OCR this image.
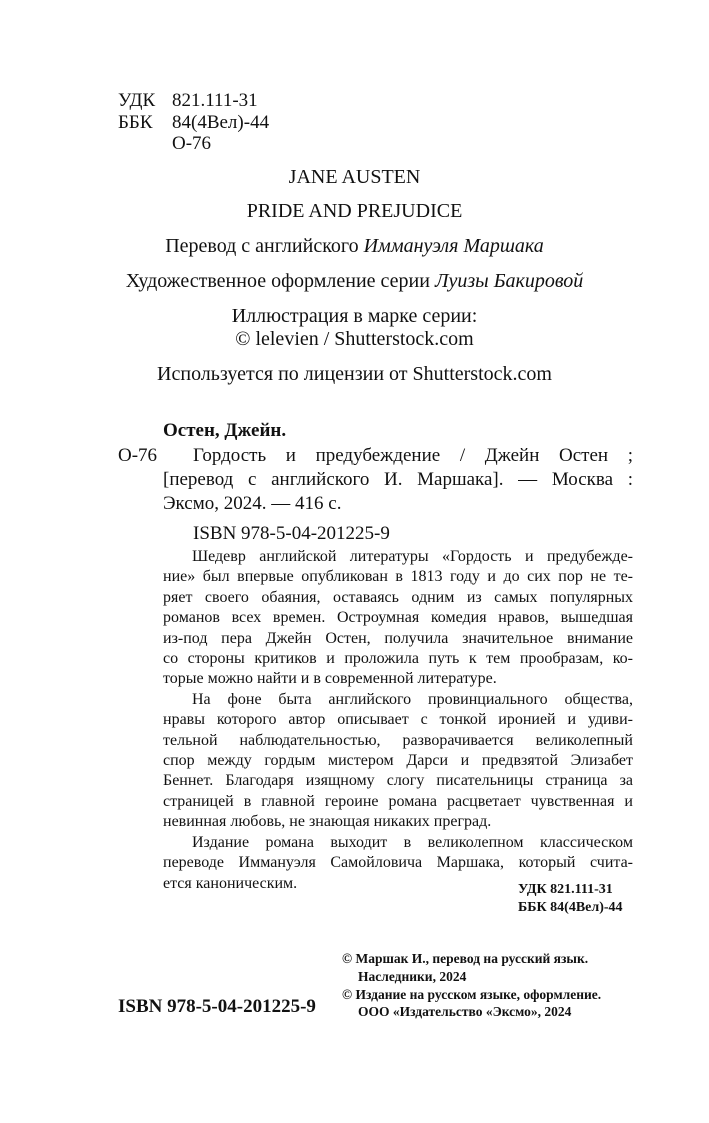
УДК 821.111-31
ББК 84(4Вел)-44
О-76
JANE AUSTEN
PRIDE AND PREJUDICE
Перевод с английского Иммануэля Маршака
Художественное оформление серии Луизы Бакировой
Иллюстрация в марке серии:
© lelevien / Shutterstock.com
Используется по лицензии от Shutterstock.com
Остен, Джейн.
О-76 Гордость и предубеждение / Джейн Остен ;
[перевод с английского И. Маршака]. — Москва :
Эксмо, 2024. — 416 с.
ISBN 978-5-04-201225-9
Шедевр английской литературы «Гордость и предубежде-
ние» был впервые опубликован в 1813 году и до сих пор не те-
ряет своего обаяния, оставаясь одним из самых популярных
романов всех времен. Остроумная комедия нравов, вышедшая
из-под пера Джейн Остен, получила значительное внимание
со стороны критиков и проложила путь к тем прообразам, ко-
торые можно найти и в современной литературе.
На фоне быта английского провинциального общества,
нравы которого автор описывает с тонкой иронией и удиви-
тельной наблюдательностью, разворачивается великолепный
спор между гордым мистером Дарси и предвзятой Элизабет
Беннет. Благодаря изящному слогу писательницы страница за
страницей в главной героине романа расцветает чувственная и
невинная любовь, не знающая никаких преград.
Издание романа выходит в великолепном классическом
переводе Иммануэля Самойловича Маршака, который счита-
ется каноническим.	УДК 821.111-31
ББК 84(4Вел)-44
© Маршак И., перевод на русский язык.
Наследники, 2024
© Издание на русском языке, оформление.
ООО «Издательство «Эксмо», 2024
ISBN 978-5-04-201225-9
